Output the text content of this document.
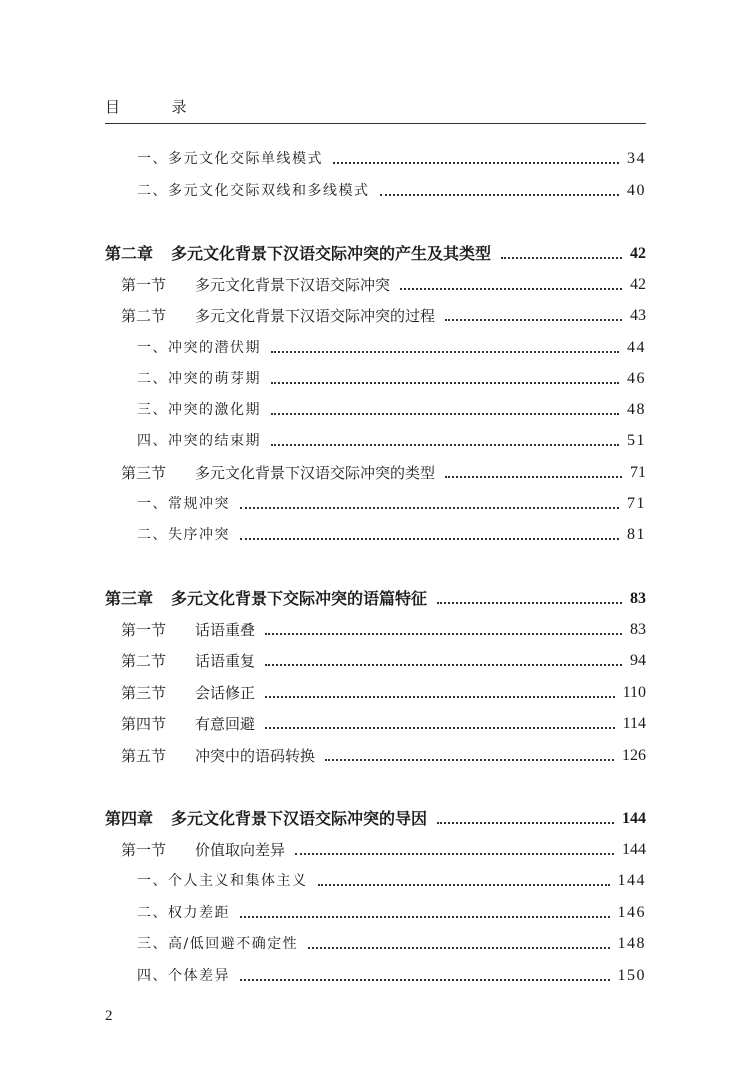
目  录
一、多元文化交际单线模式	34
二、多元文化交际双线和多线模式	40
第二章 多元文化背景下汉语交际冲突的产生及其类型	42
第一节 多元文化背景下汉语交际冲突	42
第二节 多元文化背景下汉语交际冲突的过程	43
一、冲突的潜伏期	44
二、冲突的萌芽期	46
三、冲突的激化期	48
四、冲突的结束期	51
第三节 多元文化背景下汉语交际冲突的类型	71
一、常规冲突	71
二、失序冲突	81
第三章 多元文化背景下交际冲突的语篇特征	83
第一节 话语重叠	83
第二节 话语重复	94
第三节 会话修正	110
第四节 有意回避	114
第五节 冲突中的语码转换	126
第四章 多元文化背景下汉语交际冲突的导因	144
第一节 价值取向差异	144
一、个人主义和集体主义	144
二、权力差距	146
三、高/低回避不确定性	148
四、个体差异	150
2
